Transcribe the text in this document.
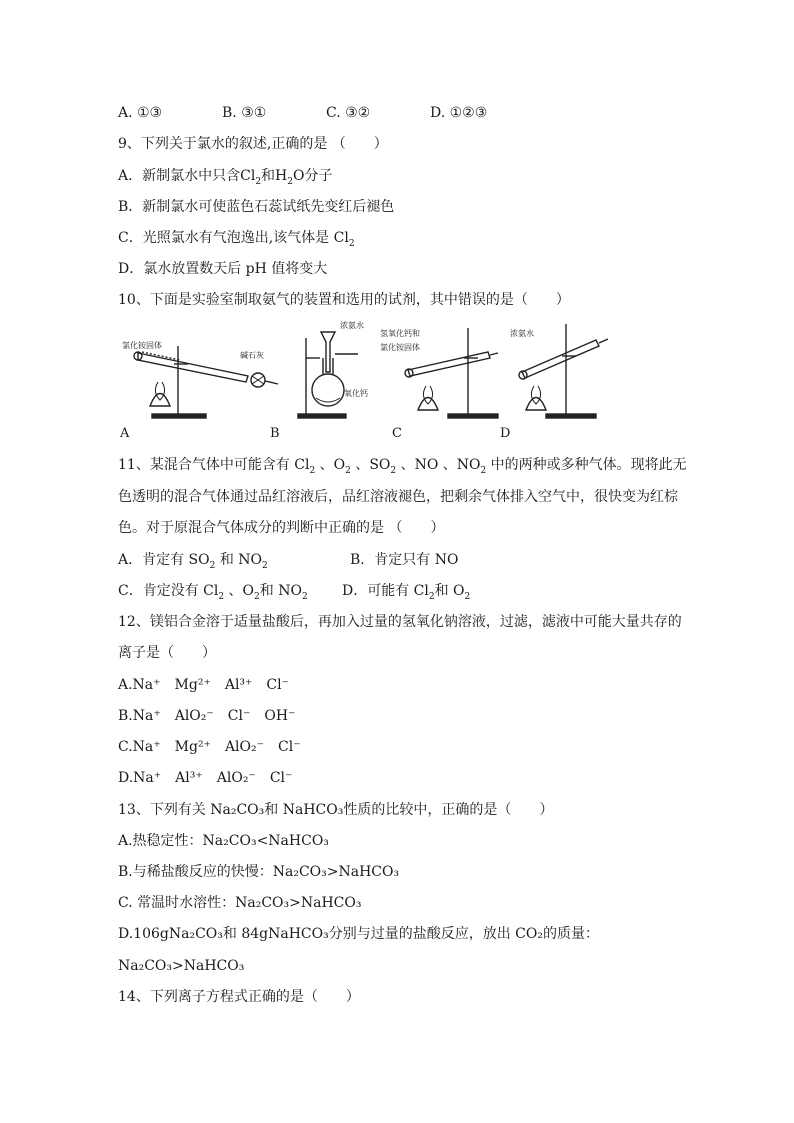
A. ①③	B. ③①	C. ③②	D. ①②③
9、下列关于氯水的叙述,正确的是 （　　）
A．新制氯水中只含$Cl_2$和$H_2O$分子
B．新制氯水可使蓝色石蕊试纸先变红后褪色
C．光照氯水有气泡逸出,该气体是 $Cl_2$
D．氯水放置数天后 pH 值将变大
10、下面是实验室制取氨气的装置和选用的试剂，其中错误的是（　　）
氯化铵固体
碱石灰
浓氨水
氧化钙
氢氧化钙和
氯化铵固体
浓氨水
A	B	C	D
11、某混合气体中可能含有 $Cl_2$ 、$O_2$ 、$SO_2$ 、NO 、$NO_2$ 中的两种或多种气体。现将此无
色透明的混合气体通过品红溶液后，品红溶液褪色，把剩余气体排入空气中，很快变为红棕
色。对于原混合气体成分的判断中正确的是 （　　）
A．肯定有 $SO_2$ 和 $NO_2$	B．肯定只有 NO
C．肯定没有 $Cl_2$ 、$O_2$和 $NO_2$ D．可能有 $Cl_2$和 $O_2$
12、镁铝合金溶于适量盐酸后，再加入过量的氢氧化钠溶液，过滤，滤液中可能大量共存的
离子是（　　）
A.Na⁺　Mg²⁺　Al³⁺　Cl⁻
B.Na⁺　AlO₂⁻　Cl⁻　OH⁻
C.Na⁺　Mg²⁺　AlO₂⁻　Cl⁻
D.Na⁺　Al³⁺　AlO₂⁻　Cl⁻
13、下列有关 Na₂CO₃和 NaHCO₃性质的比较中，正确的是（　　）
A.热稳定性：Na₂CO₃<NaHCO₃
B.与稀盐酸反应的快慢：Na₂CO₃>NaHCO₃
C. 常温时水溶性：Na₂CO₃>NaHCO₃
D.106gNa₂CO₃和 84gNaHCO₃分别与过量的盐酸反应，放出 CO₂的质量：
Na₂CO₃>NaHCO₃
14、下列离子方程式正确的是（　　）
